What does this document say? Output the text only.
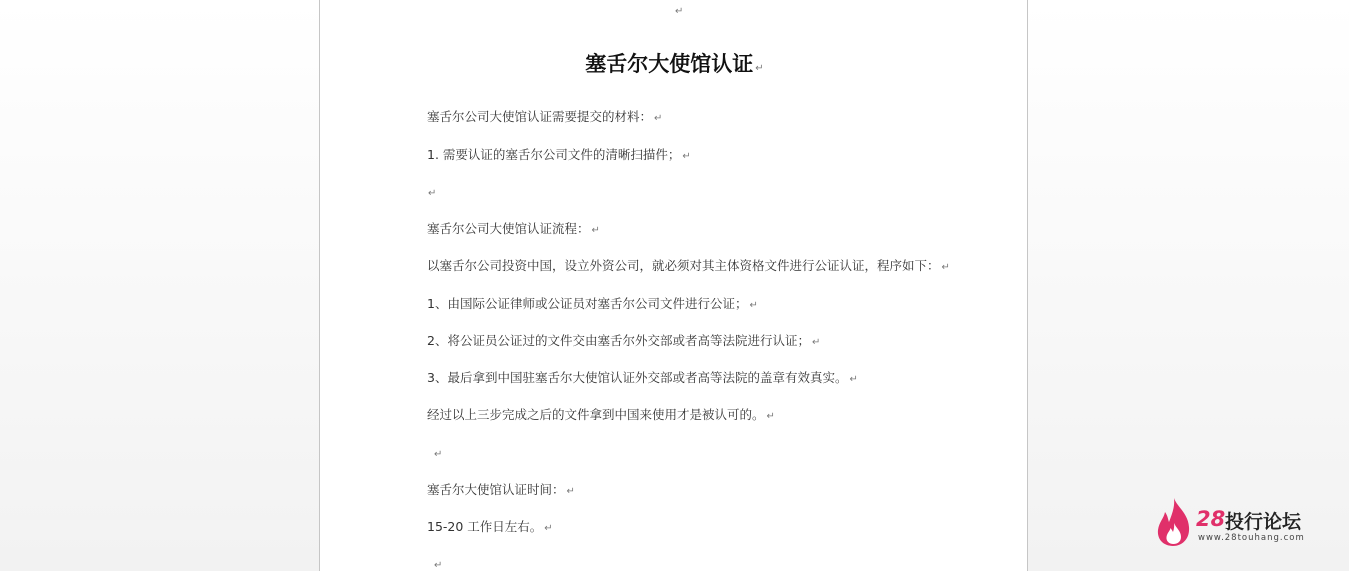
↵
塞舌尔大使馆认证 ↵
塞舌尔公司大使馆认证需要提交的材料： ↵
1. 需要认证的塞舌尔公司文件的清晰扫描件； ↵
↵
塞舌尔公司大使馆认证流程： ↵
以塞舌尔公司投资中国，设立外资公司，就必须对其主体资格文件进行公证认证，程序如下： ↵
1、由国际公证律师或公证员对塞舌尔公司文件进行公证； ↵
2、将公证员公证过的文件交由塞舌尔外交部或者高等法院进行认证； ↵
3、最后拿到中国驻塞舌尔大使馆认证外交部或者高等法院的盖章有效真实。 ↵
经过以上三步完成之后的文件拿到中国来使用才是被认可的。 ↵
↵
塞舌尔大使馆认证时间： ↵
15-20 工作日左右。 ↵
↵
28 投行论坛
www.28touhang.com
